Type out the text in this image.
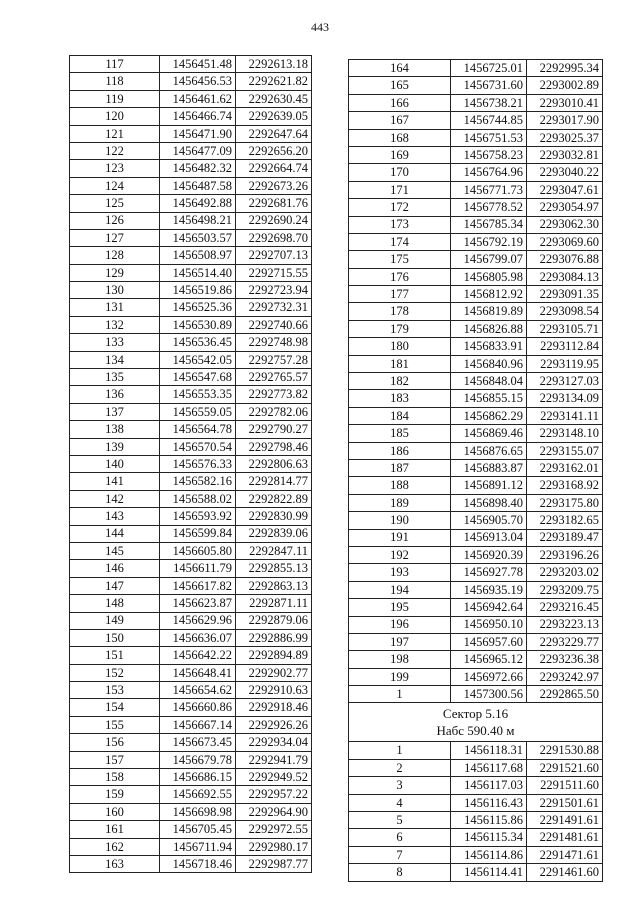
443
117	1456451.48	2292613.18
118	1456456.53	2292621.82
119	1456461.62	2292630.45
120	1456466.74	2292639.05
121	1456471.90	2292647.64
122	1456477.09	2292656.20
123	1456482.32	2292664.74
124	1456487.58	2292673.26
125	1456492.88	2292681.76
126	1456498.21	2292690.24
127	1456503.57	2292698.70
128	1456508.97	2292707.13
129	1456514.40	2292715.55
130	1456519.86	2292723.94
131	1456525.36	2292732.31
132	1456530.89	2292740.66
133	1456536.45	2292748.98
134	1456542.05	2292757.28
135	1456547.68	2292765.57
136	1456553.35	2292773.82
137	1456559.05	2292782.06
138	1456564.78	2292790.27
139	1456570.54	2292798.46
140	1456576.33	2292806.63
141	1456582.16	2292814.77
142	1456588.02	2292822.89
143	1456593.92	2292830.99
144	1456599.84	2292839.06
145	1456605.80	2292847.11
146	1456611.79	2292855.13
147	1456617.82	2292863.13
148	1456623.87	2292871.11
149	1456629.96	2292879.06
150	1456636.07	2292886.99
151	1456642.22	2292894.89
152	1456648.41	2292902.77
153	1456654.62	2292910.63
154	1456660.86	2292918.46
155	1456667.14	2292926.26
156	1456673.45	2292934.04
157	1456679.78	2292941.79
158	1456686.15	2292949.52
159	1456692.55	2292957.22
160	1456698.98	2292964.90
161	1456705.45	2292972.55
162	1456711.94	2292980.17
163	1456718.46	2292987.77
164	1456725.01	2292995.34
165	1456731.60	2293002.89
166	1456738.21	2293010.41
167	1456744.85	2293017.90
168	1456751.53	2293025.37
169	1456758.23	2293032.81
170	1456764.96	2293040.22
171	1456771.73	2293047.61
172	1456778.52	2293054.97
173	1456785.34	2293062.30
174	1456792.19	2293069.60
175	1456799.07	2293076.88
176	1456805.98	2293084.13
177	1456812.92	2293091.35
178	1456819.89	2293098.54
179	1456826.88	2293105.71
180	1456833.91	2293112.84
181	1456840.96	2293119.95
182	1456848.04	2293127.03
183	1456855.15	2293134.09
184	1456862.29	2293141.11
185	1456869.46	2293148.10
186	1456876.65	2293155.07
187	1456883.87	2293162.01
188	1456891.12	2293168.92
189	1456898.40	2293175.80
190	1456905.70	2293182.65
191	1456913.04	2293189.47
192	1456920.39	2293196.26
193	1456927.78	2293203.02
194	1456935.19	2293209.75
195	1456942.64	2293216.45
196	1456950.10	2293223.13
197	1456957.60	2293229.77
198	1456965.12	2293236.38
199	1456972.66	2293242.97
1	1457300.56	2292865.50

Сектор 5.16
Набс 590.40 м		

1	1456118.31	2291530.88
2	1456117.68	2291521.60
3	1456117.03	2291511.60
4	1456116.43	2291501.61
5	1456115.86	2291491.61
6	1456115.34	2291481.61
7	1456114.86	2291471.61
8	1456114.41	2291461.60
